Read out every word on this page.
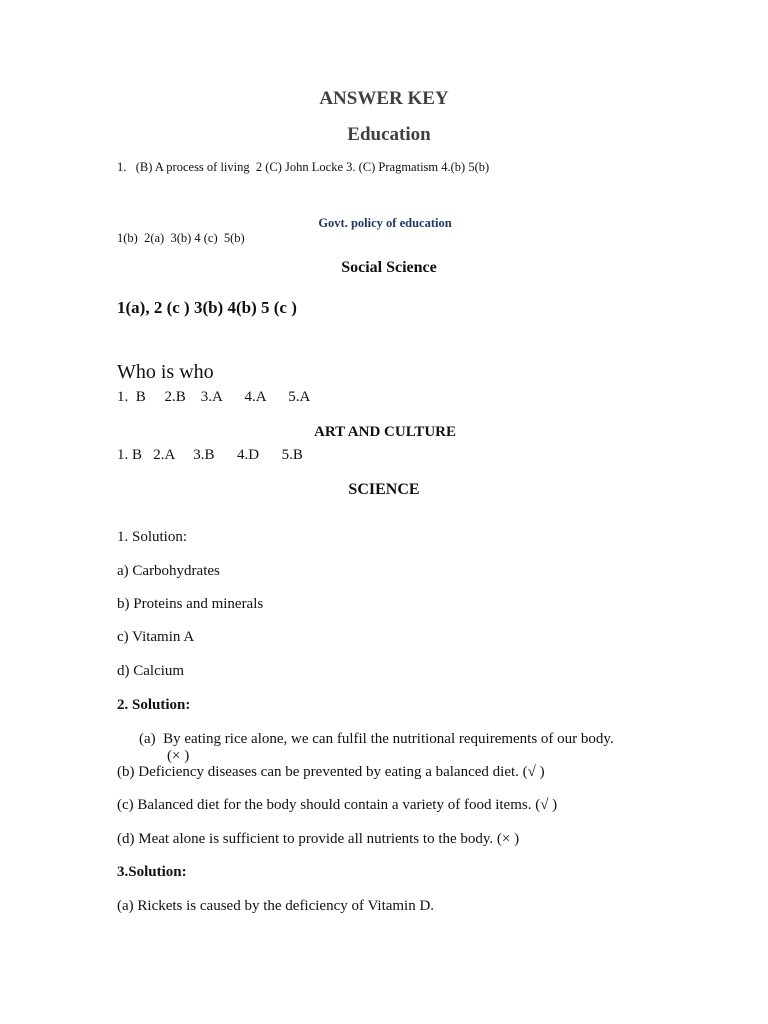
ANSWER KEY
Education
1.   (B) A process of living  2 (C) John Locke 3. (C) Pragmatism 4.(b) 5(b)
Govt. policy of education
1(b)  2(a)  3(b) 4 (c)  5(b)
Social Science
1(a), 2 (c ) 3(b) 4(b) 5 (c )
Who is who
1.  B     2.B    3.A      4.A      5.A
ART AND CULTURE
1. B   2.A     3.B      4.D      5.B
SCIENCE
1. Solution:
a) Carbohydrates
b) Proteins and minerals
c) Vitamin A
d) Calcium
2. Solution:
(a)  By eating rice alone, we can fulfil the nutritional requirements of our body.
(× )
(b) Deficiency diseases can be prevented by eating a balanced diet. (√ )
(c) Balanced diet for the body should contain a variety of food items. (√ )
(d) Meat alone is sufficient to provide all nutrients to the body. (× )
3.Solution:
(a) Rickets is caused by the deficiency of Vitamin D.
